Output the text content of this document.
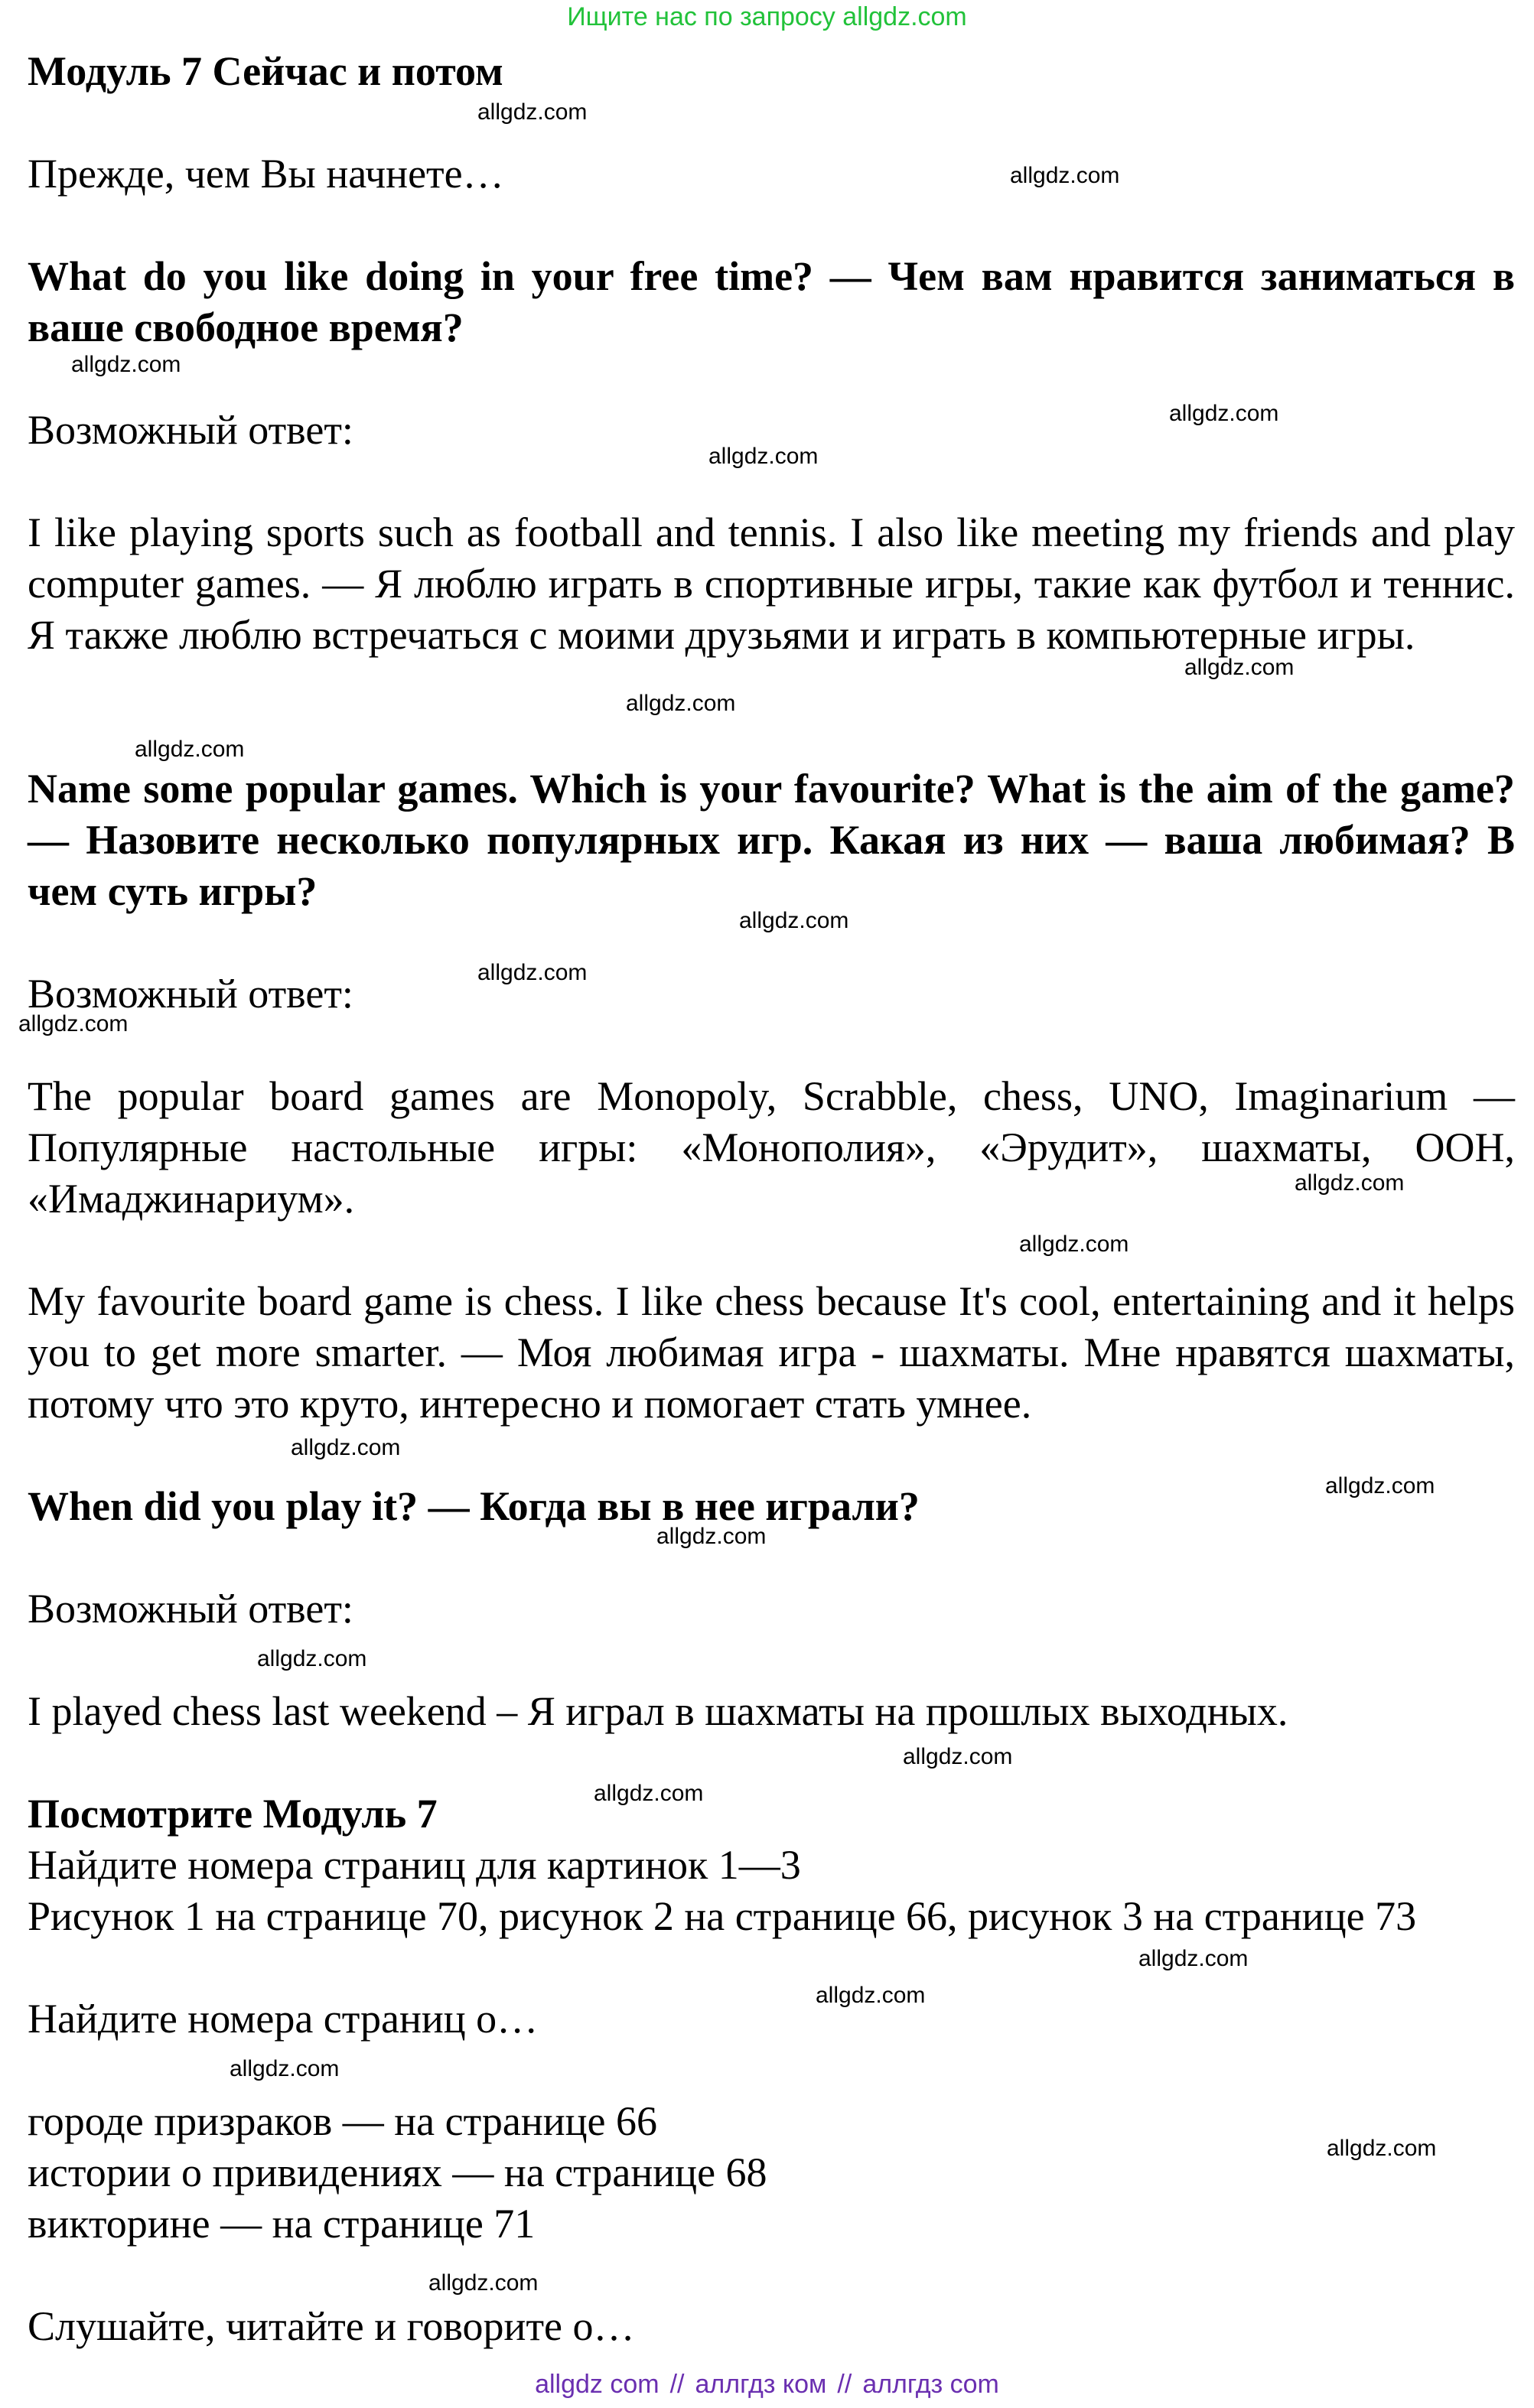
Ищите нас по запросу allgdz.com

Модуль 7 Сейчас и потом

Прежде, чем Вы начнете…

What do you like doing in your free time? — Чем вам нравится заниматься в ваше свободное время?

Возможный ответ:

I like playing sports such as football and tennis. I also like meeting my friends and play computer games. — Я люблю играть в спортивные игры, такие как футбол и теннис. Я также люблю встречаться с моими друзьями и играть в компьютерные игры.

Name some popular games. Which is your favourite? What is the aim of the game? — Назовите несколько популярных игр. Какая из них — ваша любимая? В чем суть игры?

Возможный ответ:

The popular board games are Monopoly, Scrabble, chess, UNO, Imaginarium — Популярные настольные игры: «Монополия», «Эрудит», шахматы, ООН, «Имаджинариум».

My favourite board game is chess. I like chess because It's cool, entertaining and it helps you to get more smarter. — Моя любимая игра - шахматы. Мне нравятся шахматы, потому что это круто, интересно и помогает стать умнее.

When did you play it? — Когда вы в нее играли?

Возможный ответ:

I played chess last weekend – Я играл в шахматы на прошлых выходных.

Посмотрите Модуль 7

Найдите номера страниц для картинок 1—3

Рисунок 1 на странице 70, рисунок 2 на странице 66, рисунок 3 на странице 73

Найдите номера страниц о…

городе призраков — на странице 66

истории о привидениях — на странице 68

викторине — на странице 71

Слушайте, читайте и говорите о…

allgdz.com
allgdz.com
allgdz.com
allgdz.com
allgdz.com
allgdz.com
allgdz.com
allgdz.com
allgdz.com
allgdz.com
allgdz.com
allgdz.com
allgdz.com
allgdz.com
allgdz.com
allgdz.com
allgdz.com
allgdz.com
allgdz.com
allgdz.com
allgdz.com
allgdz.com
allgdz.com
allgdz.com
allgdz com // аллгдз ком // аллгдз com
